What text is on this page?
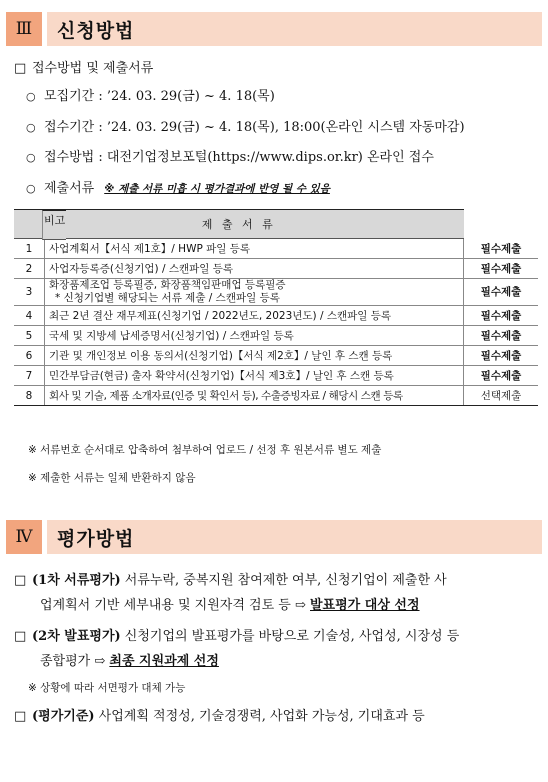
Ⅲ	신청방법
□ 접수방법 및 제출서류
○ 모집기간 : ’24. 03. 29(금) ~ 4. 18(목)
○ 접수기간 : ’24. 03. 29(금) ~ 4. 18(목), 18:00(온라인 시스템 자동마감)
○ 접수방법 : 대전기업정보포털(https://www.dips.or.kr) 온라인 접수
○ 제출서류 ※ 제출 서류 미흡 시 평가결과에 반영 될 수 있음
제 출 서 류	
비고

1	사업계획서【서식 제1호】/ HWP 파일 등록	필수제출
2	사업자등록증(신청기업) / 스캔파일 등록	필수제출
3	화장품제조업 등록필증, 화장품책임판매업 등록필증
* 신청기업별 해당되는 서류 제출 / 스캔파일 등록	필수제출
4	최근 2년 결산 재무제표(신청기업 / 2022년도, 2023년도) / 스캔파일 등록	필수제출
5	국세 및 지방세 납세증명서(신청기업) / 스캔파일 등록	필수제출
6	기관 및 개인정보 이용 동의서(신청기업)【서식 제2호】/ 날인 후 스캔 등록	필수제출
7	민간부담금(현금) 출자 확약서(신청기업)【서식 제3호】/ 날인 후 스캔 등록	필수제출
8	회사 및 기술, 제품 소개자료(인증 및 확인서 등), 수출증빙자료 / 해당시 스캔 등록	선택제출
※ 서류번호 순서대로 압축하여 첨부하여 업로드 / 선정 후 원본서류 별도 제출
※ 제출한 서류는 일체 반환하지 않음
Ⅳ	평가방법
□ (1차 서류평가) 서류누락, 중복지원 참여제한 여부, 신청기업이 제출한 사
업계획서 기반 세부내용 및 지원자격 검토 등 ⇨ 발표평가 대상 선정
□ (2차 발표평가) 신청기업의 발표평가를 바탕으로 기술성, 사업성, 시장성 등
종합평가 ⇨ 최종 지원과제 선정
※ 상황에 따라 서면평가 대체 가능
□ (평가기준) 사업계획 적정성, 기술경쟁력, 사업화 가능성, 기대효과 등
